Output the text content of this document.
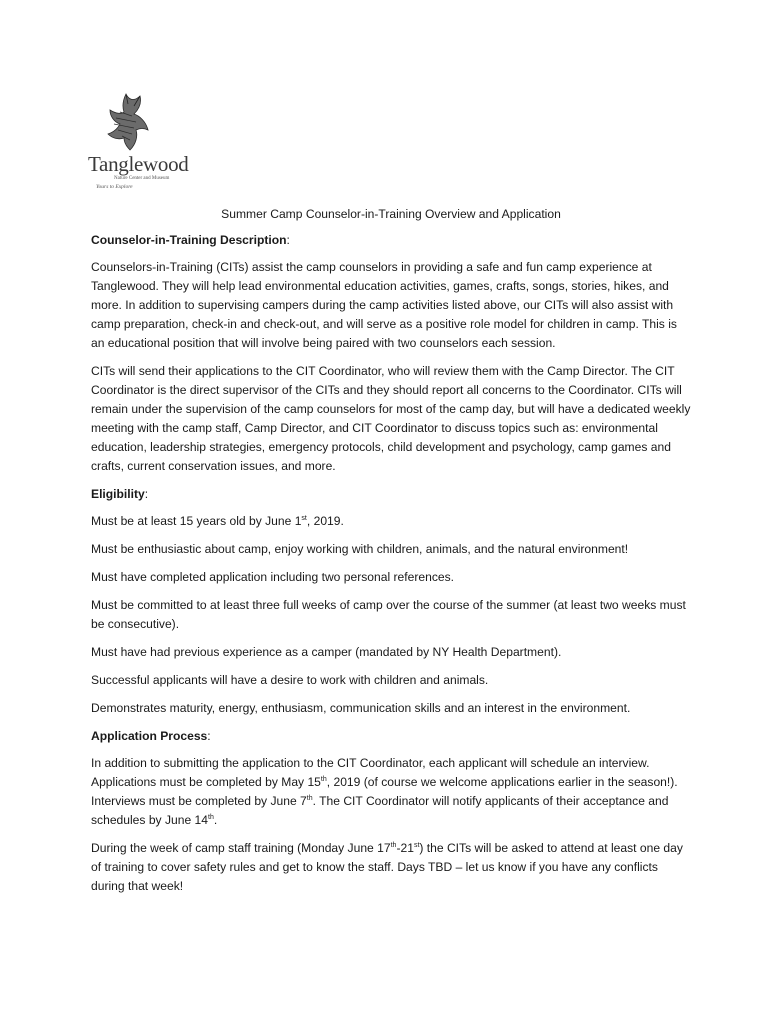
Tanglewood
Nature Center and Museum
Yours to Explore
Summer Camp Counselor-in-Training Overview and Application
Counselor-in-Training Description:

Counselors-in-Training (CITs) assist the camp counselors in providing a safe and fun camp experience at Tanglewood. They will help lead environmental education activities, games, crafts, songs, stories, hikes, and more. In addition to supervising campers during the camp activities listed above, our CITs will also assist with camp preparation, check-in and check-out, and will serve as a positive role model for children in camp. This is an educational position that will involve being paired with two counselors each session.

CITs will send their applications to the CIT Coordinator, who will review them with the Camp Director. The CIT Coordinator is the direct supervisor of the CITs and they should report all concerns to the Coordinator. CITs will remain under the supervision of the camp counselors for most of the camp day, but will have a dedicated weekly meeting with the camp staff, Camp Director, and CIT Coordinator to discuss topics such as: environmental education, leadership strategies, emergency protocols, child development and psychology, camp games and crafts, current conservation issues, and more.

Eligibility:

Must be at least 15 years old by June 1st, 2019.

Must be enthusiastic about camp, enjoy working with children, animals, and the natural environment!

Must have completed application including two personal references.

Must be committed to at least three full weeks of camp over the course of the summer (at least two weeks must be consecutive).

Must have had previous experience as a camper (mandated by NY Health Department).

Successful applicants will have a desire to work with children and animals.

Demonstrates maturity, energy, enthusiasm, communication skills and an interest in the environment.

Application Process:

In addition to submitting the application to the CIT Coordinator, each applicant will schedule an interview. Applications must be completed by May 15th, 2019 (of course we welcome applications earlier in the season!). Interviews must be completed by June 7th. The CIT Coordinator will notify applicants of their acceptance and schedules by June 14th.

During the week of camp staff training (Monday June 17th-21st) the CITs will be asked to attend at least one day of training to cover safety rules and get to know the staff. Days TBD – let us know if you have any conflicts during that week!
